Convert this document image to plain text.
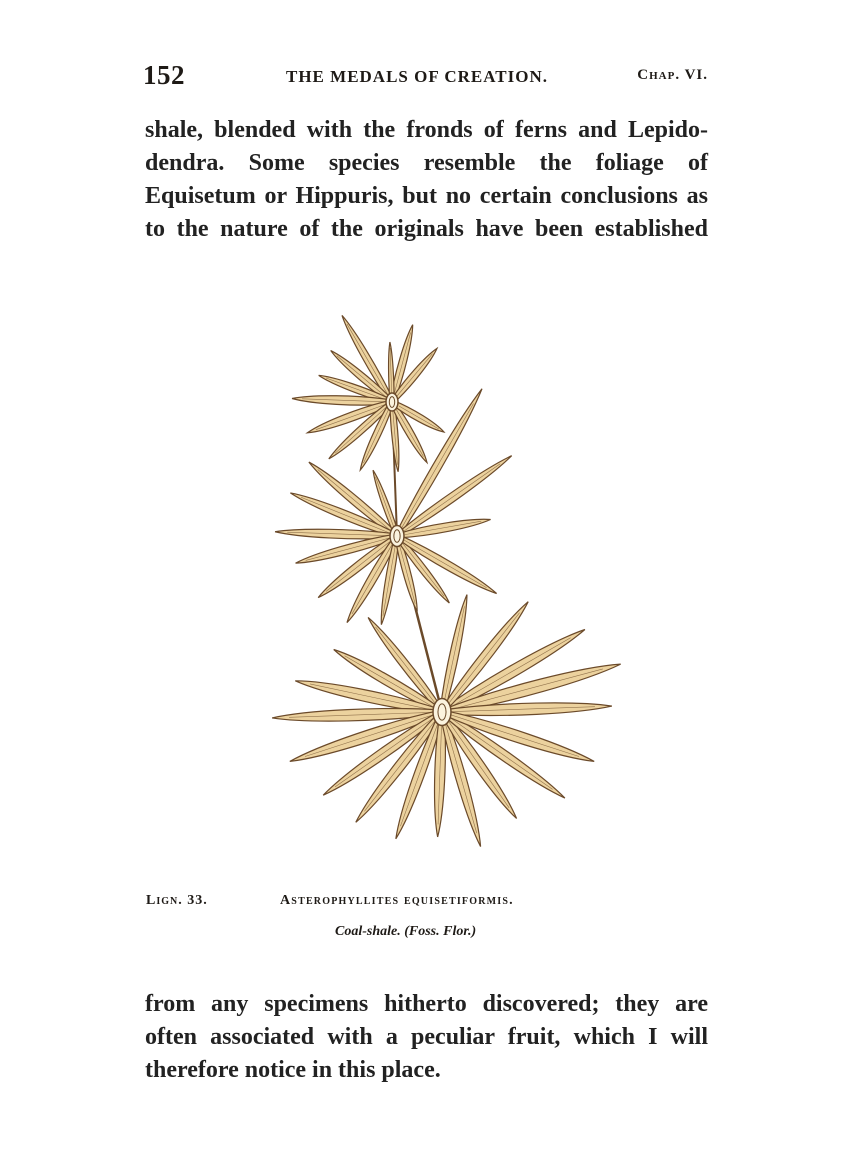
152	THE MEDALS OF CREATION.	Chap. VI.
shale, blended with the fronds of ferns and Lepido-
dendra. Some species resemble the foliage of
Equisetum or Hippuris, but no certain conclusions as
to the nature of the originals have been established
Lign. 33.	Asterophyllites equisetiformis.
Coal-shale. (Foss. Flor.)
from any specimens hitherto discovered; they are
often associated with a peculiar fruit, which I will
therefore notice in this place.
